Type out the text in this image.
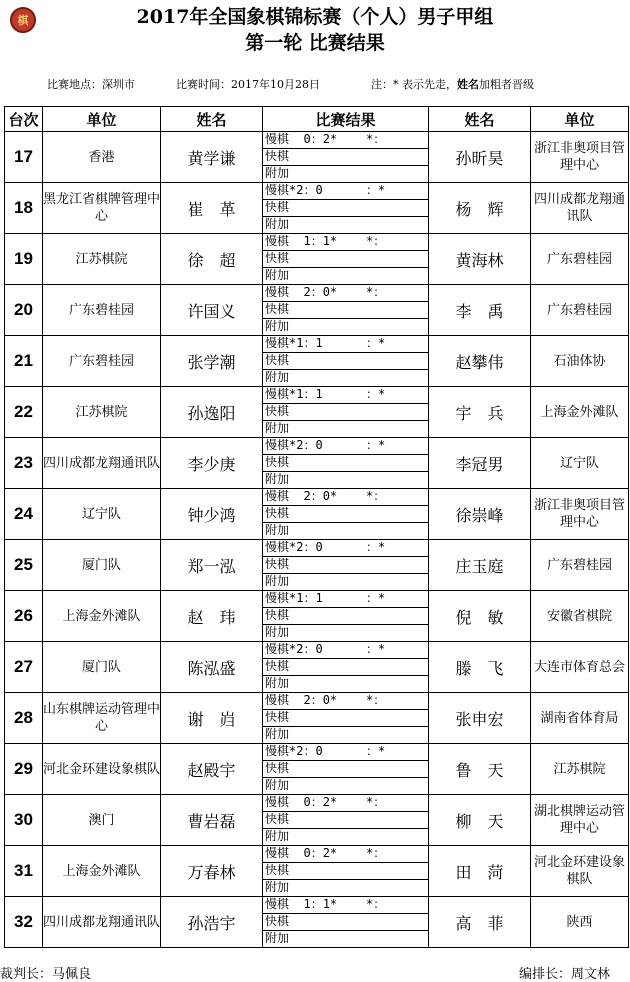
棋	2017年全国象棋锦标赛（个人）男子甲组
第一轮 比赛结果
比赛地点：深圳市	比赛时间：2017年10月28日	注：* 表示先走，姓名加粗者晋级
台次	单位	姓名	比赛结果	姓名	单位
17	香港	黄学谦	慢棋  0：2*    *：
快棋
附加	孙昕昊	浙江非奥项目管理中心
18	黑龙江省棋牌管理中心	崔　革	慢棋*2：0      ：*
快棋
附加	杨　辉	四川成都龙翔通讯队
19	江苏棋院	徐　超	慢棋  1：1*    *：
快棋
附加	黄海林	广东碧桂园
20	广东碧桂园	许国义	慢棋  2：0*    *：
快棋
附加	李　禹	广东碧桂园
21	广东碧桂园	张学潮	慢棋*1：1      ：*
快棋
附加	赵攀伟	石油体协
22	江苏棋院	孙逸阳	慢棋*1：1      ：*
快棋
附加	宇　兵	上海金外滩队
23	四川成都龙翔通讯队	李少庚	慢棋*2：0      ：*
快棋
附加	李冠男	辽宁队
24	辽宁队	钟少鸿	慢棋  2：0*    *：
快棋
附加	徐崇峰	浙江非奥项目管理中心
25	厦门队	郑一泓	慢棋*2：0      ：*
快棋
附加	庄玉庭	广东碧桂园
26	上海金外滩队	赵　玮	慢棋*1：1      ：*
快棋
附加	倪　敏	安徽省棋院
27	厦门队	陈泓盛	慢棋*2：0      ：*
快棋
附加	滕　飞	大连市体育总会
28	山东棋牌运动管理中心	谢　岿	慢棋  2：0*    *：
快棋
附加	张申宏	湖南省体育局
29	河北金环建设象棋队	赵殿宇	慢棋*2：0      ：*
快棋
附加	鲁　天	江苏棋院
30	澳门	曹岩磊	慢棋  0：2*    *：
快棋
附加	柳　天	湖北棋牌运动管理中心
31	上海金外滩队	万春林	慢棋  0：2*    *：
快棋
附加	田　菏	河北金环建设象棋队
32	四川成都龙翔通讯队	孙浩宇	慢棋  1：1*    *：
快棋
附加	高　菲	陕西
裁判长：马佩良	编排长：周文林
